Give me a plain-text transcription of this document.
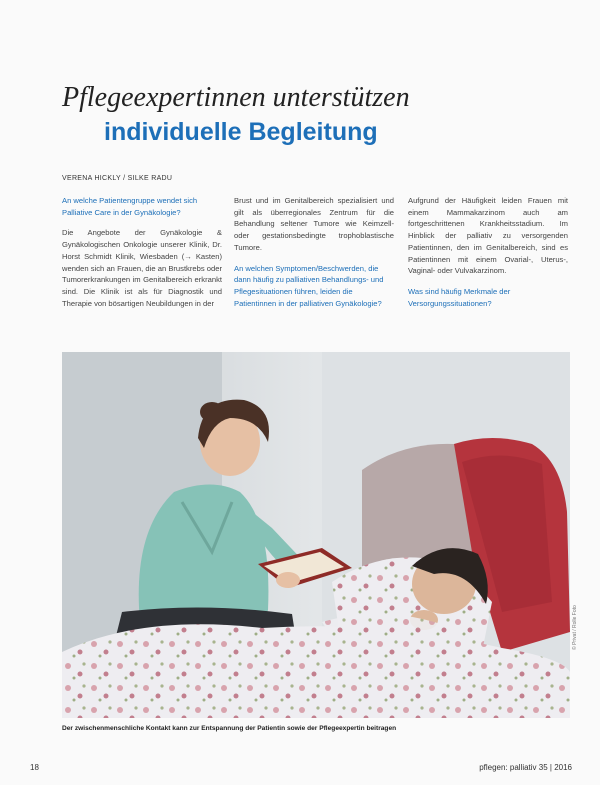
Pflegeexpertinnen unterstützen
individuelle Begleitung
VERENA HICKLY / SILKE RADU

An welche Patientengruppe wendet sich Palliative Care in der Gynäkologie?

Die Angebote der Gynäkologie & Gynäkologischen Onkologie unserer Klinik, Dr. Horst Schmidt Klinik, Wiesbaden (→ Kasten) wenden sich an Frauen, die an Brustkrebs oder Tumorerkrankungen im Genitalbereich erkrankt sind. Die Klinik ist als für Diagnostik und Therapie von bösartigen Neubildungen in der

Brust und im Genitalbereich spezialisiert und gilt als überregionales Zentrum für die Behandlung seltener Tumore wie Keimzell- oder gestationsbedingte trophoblastische Tumore.

An welchen Symptomen/Beschwerden, die dann häufig zu palliativen Behandlungs- und Pflegesituationen führen, leiden die Patientinnen in der palliativen Gynäkologie?

Aufgrund der Häufigkeit leiden Frauen mit einem Mammakarzinom auch am fortgeschrittenen Krankheitsstadium. Im Hinblick der palliativ zu versorgenden Patientinnen, den im Genitalbereich, sind es Patientinnen mit einem Ovarial-, Uterus-, Vaginal- oder Vulvakarzinom.

Was sind häufig Merkmale der Versorgungssituationen?

© Privat / Rolle Foto
Der zwischenmenschliche Kontakt kann zur Entspannung der Patientin sowie der Pflegeexpertin beitragen
18	pflegen: palliativ 35 | 2016
